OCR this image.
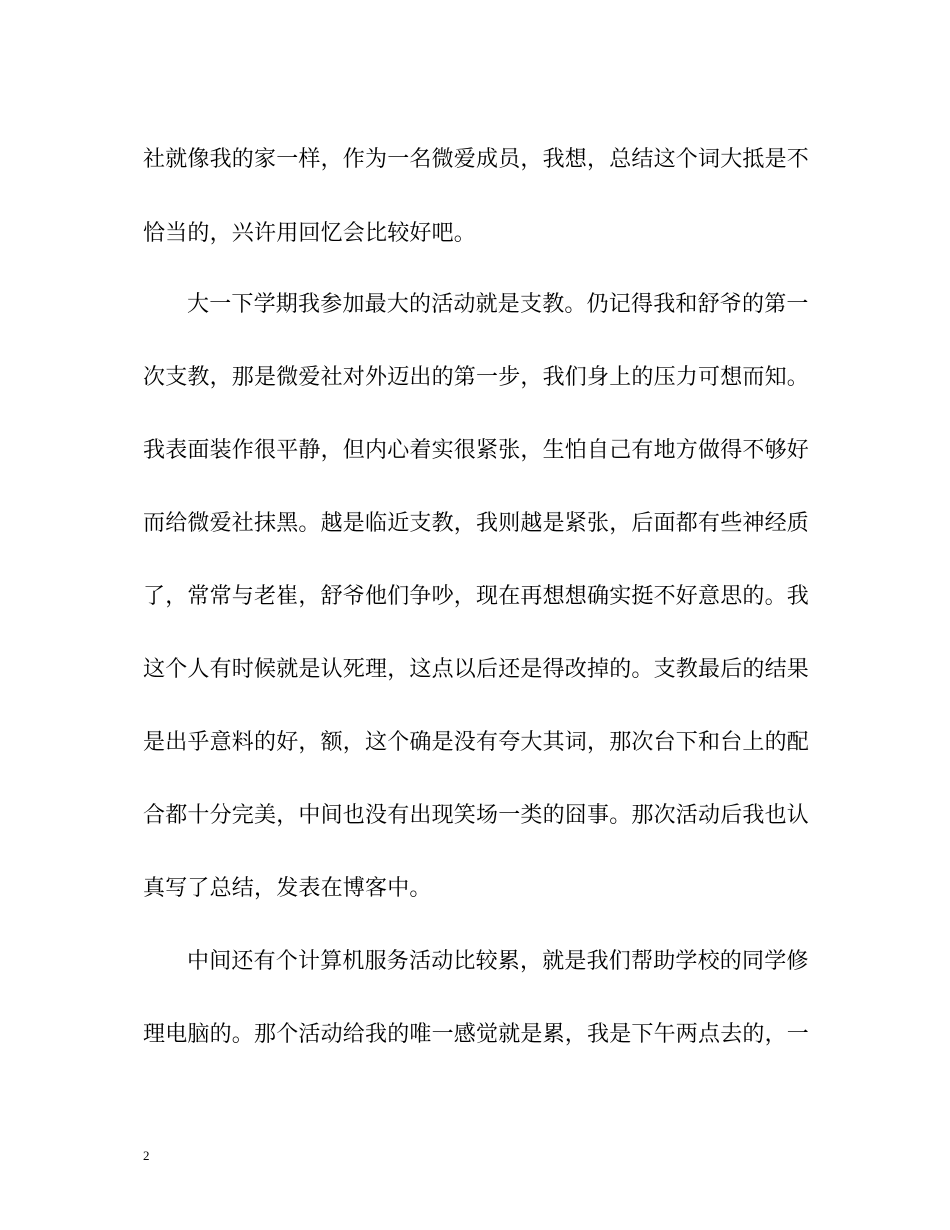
社就像我的家一样，作为一名微爱成员，我想，总结这个词大抵是不
恰当的，兴许用回忆会比较好吧。
大一下学期我参加最大的活动就是支教。仍记得我和舒爷的第一
次支教，那是微爱社对外迈出的第一步，我们身上的压力可想而知。
我表面装作很平静，但内心着实很紧张，生怕自己有地方做得不够好
而给微爱社抹黑。越是临近支教，我则越是紧张，后面都有些神经质
了，常常与老崔，舒爷他们争吵，现在再想想确实挺不好意思的。我
这个人有时候就是认死理，这点以后还是得改掉的。支教最后的结果
是出乎意料的好，额，这个确是没有夸大其词，那次台下和台上的配
合都十分完美，中间也没有出现笑场一类的囧事。那次活动后我也认
真写了总结，发表在博客中。
中间还有个计算机服务活动比较累，就是我们帮助学校的同学修
理电脑的。那个活动给我的唯一感觉就是累，我是下午两点去的，一
2
